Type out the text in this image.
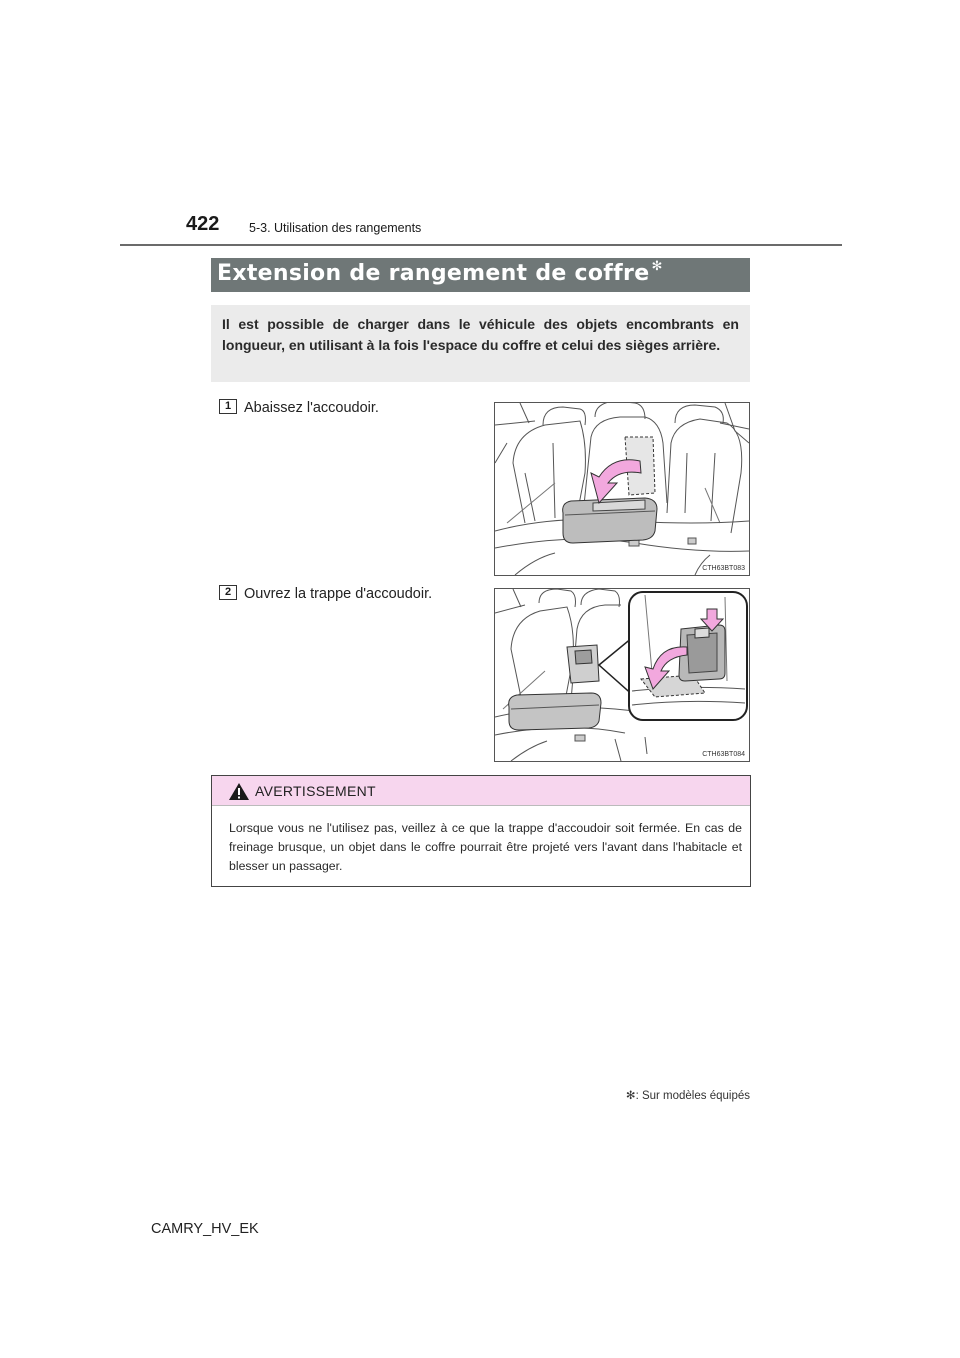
422 5-3. Utilisation des rangements
Extension de rangement de coffre ✻
Il est possible de charger dans le véhicule des objets encombrants en longueur, en utilisant à la fois l'espace du coffre et celui des sièges arrière.
1 Abaissez l'accoudoir.
CTH63BT083
2 Ouvrez la trappe d'accoudoir.
CTH63BT084
AVERTISSEMENT
Lorsque vous ne l'utilisez pas, veillez à ce que la trappe d'accoudoir soit fermée. En cas de freinage brusque, un objet dans le coffre pourrait être projeté vers l'avant dans l'habitacle et blesser un passager.
✻: Sur modèles équipés
CAMRY_HV_EK
